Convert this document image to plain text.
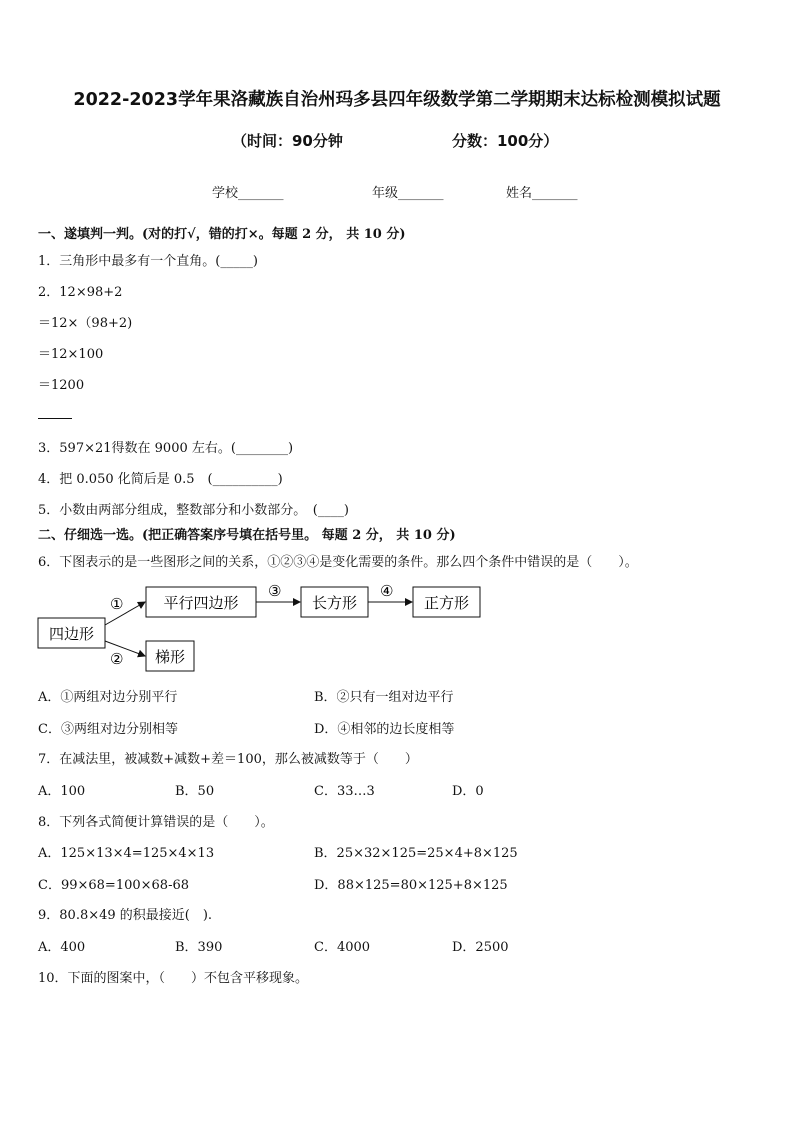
2022-2023学年果洛藏族自治州玛多县四年级数学第二学期期末达标检测模拟试题
（时间：90分钟	分数：100分）
学校_______	年级_______	姓名_______
一、遂填判一判。(对的打√，错的打×。每题 2 分， 共 10 分)
1．三角形中最多有一个直角。(_____)
2．12×98+2
＝12×（98+2)
＝12×100
＝1200
3．597×21得数在 9000 左右。(________)
4．把 0.050 化简后是 0.5　(__________)
5．小数由两部分组成，整数部分和小数部分。　(____)
二、仔细选一选。(把正确答案序号填在括号里。 每题 2 分， 共 10 分)
6．下图表示的是一些图形之间的关系，①②③④是变化需要的条件。那么四个条件中错误的是（　　）。
四边形
平行四边形	长方形	正方形
梯形
①
②
③	④
A．①两组对边分别平行	B．②只有一组对边平行
C．③两组对边分别相等	D．④相邻的边长度相等
7．在减法里，被减数+减数+差＝100，那么被减数等于（　　）
A．100	B．50	C．33…3	D．0
8．下列各式简便计算错误的是（　　）。
A．125×13×4=125×4×13	B．25×32×125=25×4+8×125
C．99×68=100×68-68	D．88×125=80×125+8×125
9．80.8×49 的积最接近(　).
A．400	B．390	C．4000	D．2500
10．下面的图案中，（　　）不包含平移现象。
